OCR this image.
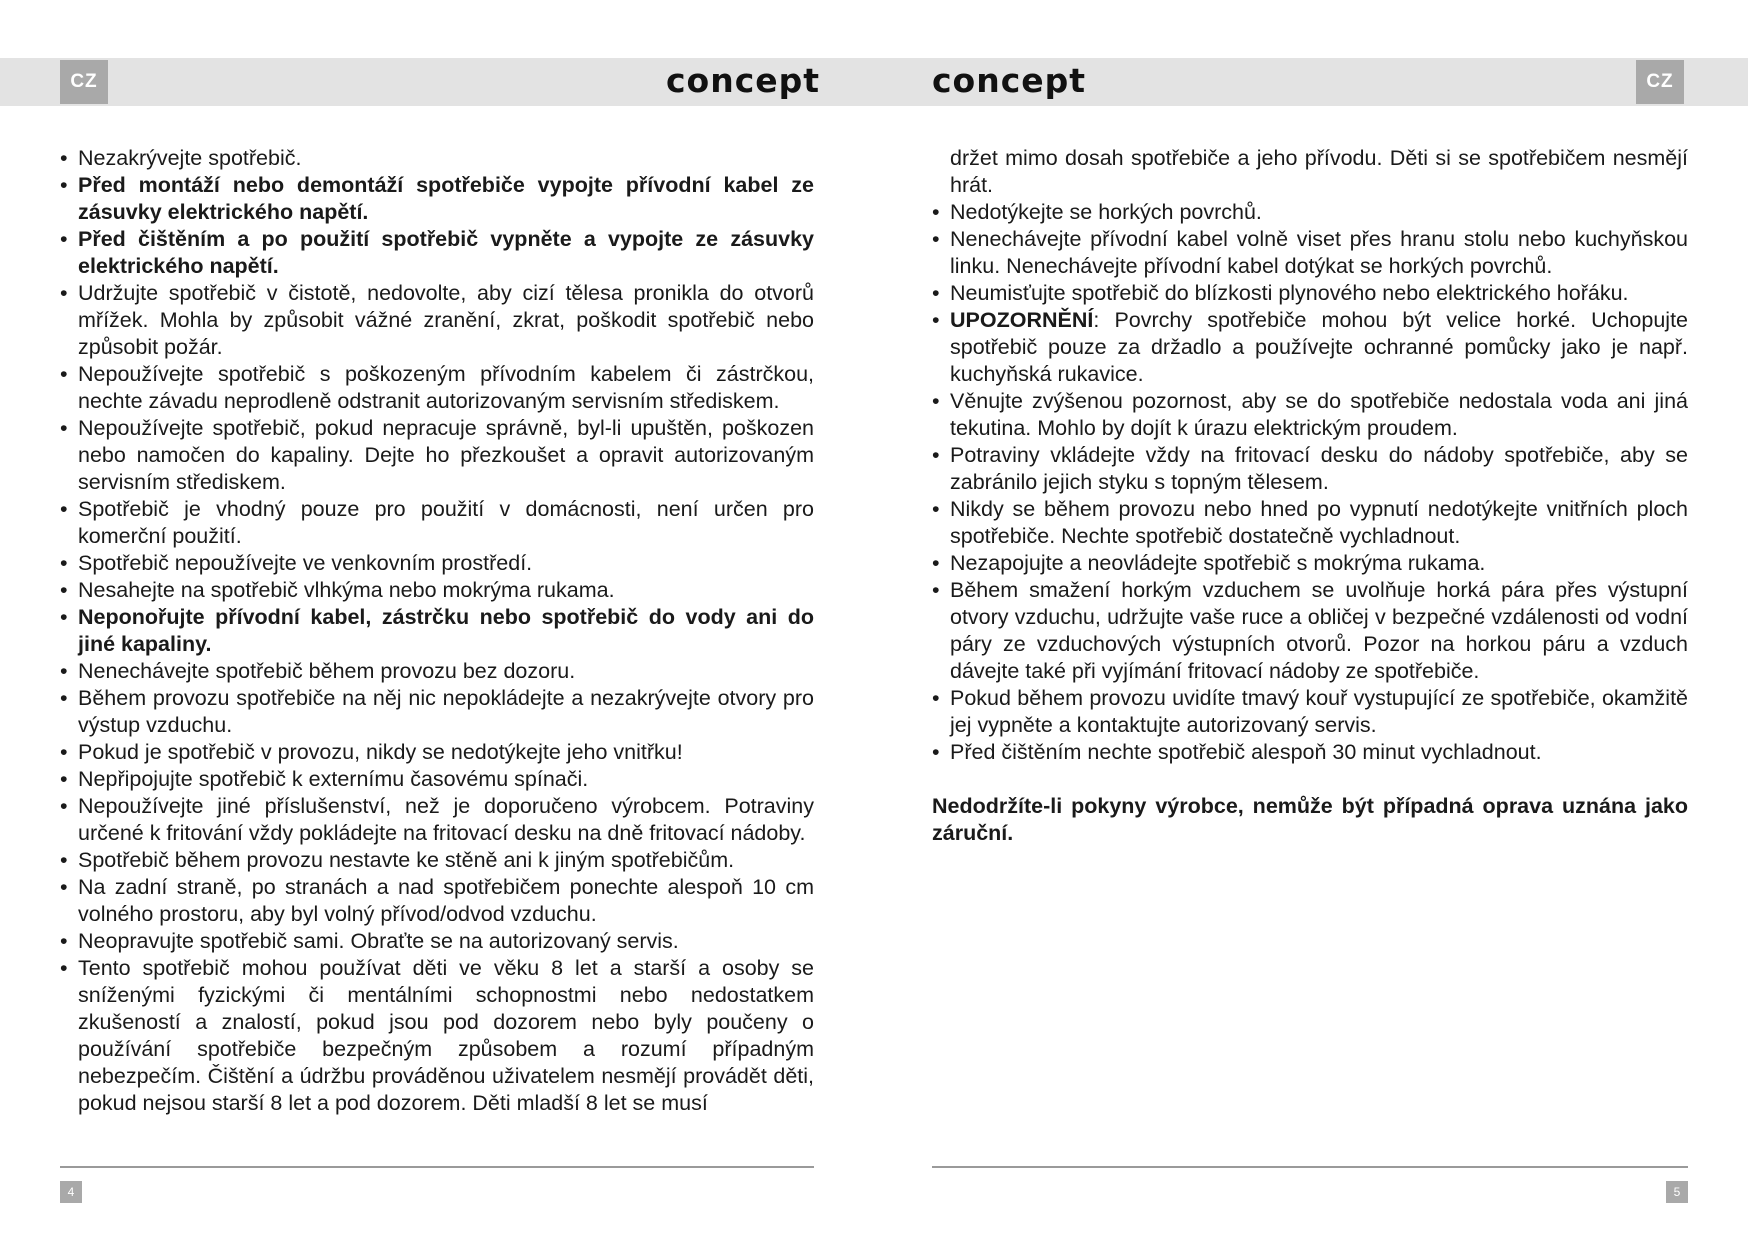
CZ	CZ
concept	concept
• Nezakrývejte spotřebič.
• Před montáží nebo demontáží spotřebiče vypojte přívodní kabel ze zásuvky elektrického napětí.
• Před čištěním a po použití spotřebič vypněte a vypojte ze zásuvky elektrického napětí.
• Udržujte spotřebič v čistotě, nedovolte, aby cizí tělesa pronikla do otvorů mřížek. Mohla by způsobit vážné zranění, zkrat, poškodit spotřebič nebo způsobit požár.
• Nepoužívejte spotřebič s poškozeným přívodním kabelem či zástrčkou, nechte závadu neprodleně odstranit autorizovaným servisním střediskem.
• Nepoužívejte spotřebič, pokud nepracuje správně, byl-li upuštěn, poškozen nebo namočen do kapaliny. Dejte ho přezkoušet a opravit autorizovaným servisním střediskem.
• Spotřebič je vhodný pouze pro použití v domácnosti, není určen pro komerční použití.
• Spotřebič nepoužívejte ve venkovním prostředí.
• Nesahejte na spotřebič vlhkýma nebo mokrýma rukama.
• Neponořujte přívodní kabel, zástrčku nebo spotřebič do vody ani do jiné kapaliny.
• Nenechávejte spotřebič během provozu bez dozoru.
• Během provozu spotřebiče na něj nic nepokládejte a nezakrývejte otvory pro výstup vzduchu.
• Pokud je spotřebič v provozu, nikdy se nedotýkejte jeho vnitřku!
• Nepřipojujte spotřebič k externímu časovému spínači.
• Nepoužívejte jiné příslušenství, než je doporučeno výrobcem. Potraviny určené k fritování vždy pokládejte na fritovací desku na dně fritovací nádoby.
• Spotřebič během provozu nestavte ke stěně ani k jiným spotřebičům.
• Na zadní straně, po stranách a nad spotřebičem ponechte alespoň 10 cm volného prostoru, aby byl volný přívod/odvod vzduchu.
• Neopravujte spotřebič sami. Obraťte se na autorizovaný servis.
• Tento spotřebič mohou používat děti ve věku 8 let a starší a osoby se sníženými fyzickými či mentálními schopnostmi nebo nedostatkem zkušeností a znalostí, pokud jsou pod dozorem nebo byly poučeny o používání spotřebiče bezpečným způsobem a rozumí případným nebezpečím. Čištění a údržbu prováděnou uživatelem nesmějí provádět děti, pokud nejsou starší 8 let a pod dozorem. Děti mladší 8 let se musí

držet mimo dosah spotřebiče a jeho přívodu. Děti si se spotřebičem nesmějí hrát.

• Nedotýkejte se horkých povrchů.
• Nenechávejte přívodní kabel volně viset přes hranu stolu nebo kuchyňskou linku. Nenechávejte přívodní kabel dotýkat se horkých povrchů.
• Neumisťujte spotřebič do blízkosti plynového nebo elektrického hořáku.
• UPOZORNĚNÍ: Povrchy spotřebiče mohou být velice horké. Uchopujte spotřebič pouze za držadlo a používejte ochranné pomůcky jako je např. kuchyňská rukavice.
• Věnujte zvýšenou pozornost, aby se do spotřebiče nedostala voda ani jiná tekutina. Mohlo by dojít k úrazu elektrickým proudem.
• Potraviny vkládejte vždy na fritovací desku do nádoby spotřebiče, aby se zabránilo jejich styku s topným tělesem.
• Nikdy se během provozu nebo hned po vypnutí nedotýkejte vnitřních ploch spotřebiče. Nechte spotřebič dostatečně vychladnout.
• Nezapojujte a neovládejte spotřebič s mokrýma rukama.
• Během smažení horkým vzduchem se uvolňuje horká pára přes výstupní otvory vzduchu, udržujte vaše ruce a obličej v bezpečné vzdálenosti od vodní páry ze vzduchových výstupních otvorů. Pozor na horkou páru a vzduch dávejte také při vyjímání fritovací nádoby ze spotřebiče.
• Pokud během provozu uvidíte tmavý kouř vystupující ze spotřebiče, okamžitě jej vypněte a kontaktujte autorizovaný servis.
• Před čištěním nechte spotřebič alespoň 30 minut vychladnout.

Nedodržíte-li pokyny výrobce, nemůže být případná oprava uznána jako záruční.

4	5
